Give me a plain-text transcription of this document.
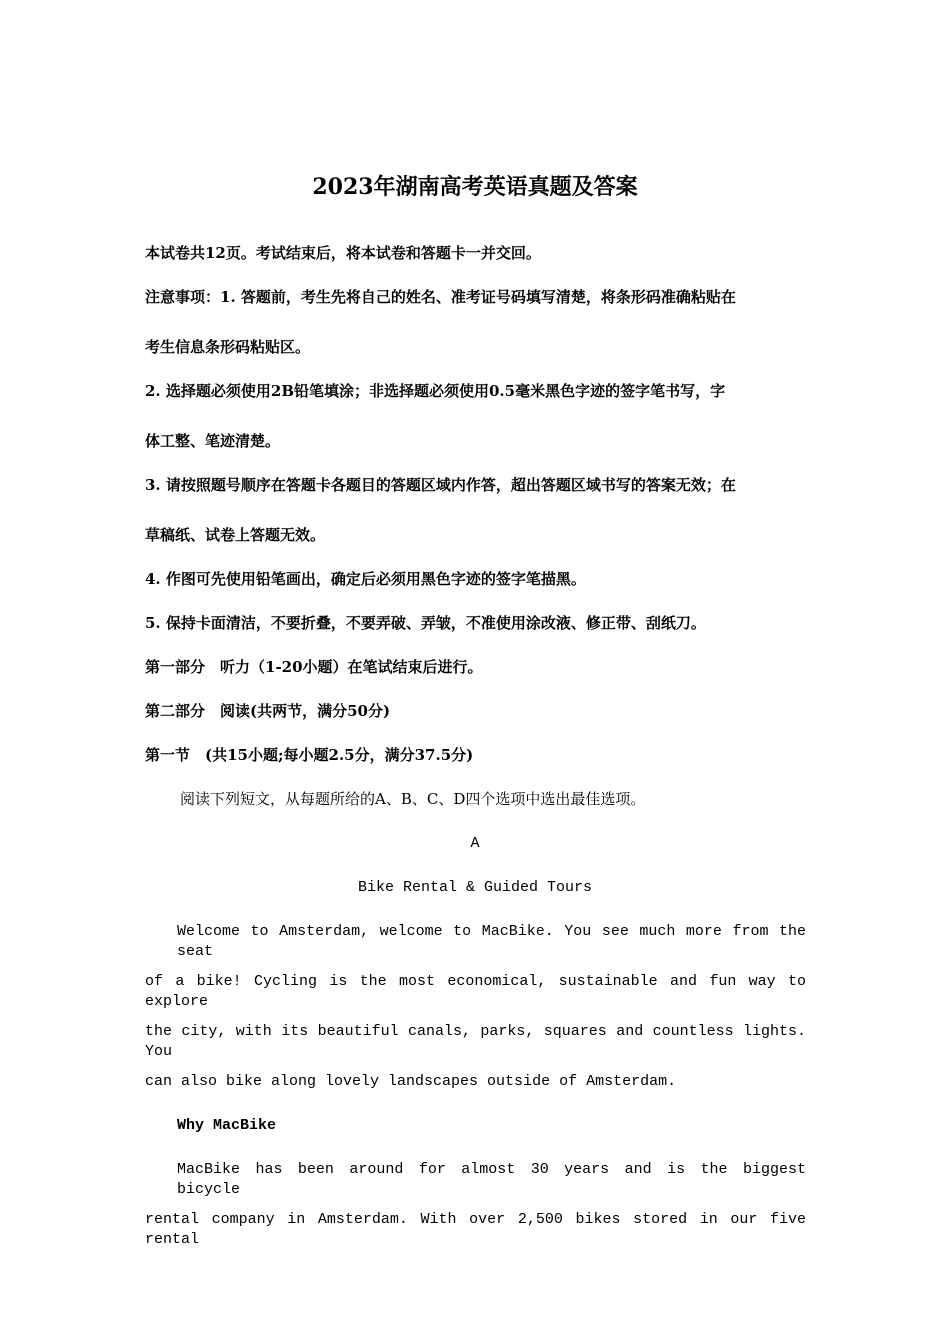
2023年湖南高考英语真题及答案
本试卷共12页。考试结束后，将本试卷和答题卡一并交回。
注意事项：1. 答题前，考生先将自己的姓名、准考证号码填写清楚，将条形码准确粘贴在
考生信息条形码粘贴区。
2. 选择题必须使用2B铅笔填涂；非选择题必须使用0.5毫米黑色字迹的签字笔书写，字
体工整、笔迹清楚。
3. 请按照题号顺序在答题卡各题目的答题区域内作答，超出答题区域书写的答案无效；在
草稿纸、试卷上答题无效。
4. 作图可先使用铅笔画出，确定后必须用黑色字迹的签字笔描黑。
5. 保持卡面清洁，不要折叠，不要弄破、弄皱，不准使用涂改液、修正带、刮纸刀。
第一部分　听力（1-20小题）在笔试结束后进行。
第二部分　阅读(共两节，满分50分)
第一节　(共15小题;每小题2.5分，满分37.5分)
阅读下列短文，从每题所给的A、B、C、D四个选项中选出最佳选项。
A
Bike Rental & Guided Tours
Welcome to Amsterdam, welcome to MacBike. You see much more from the seat
of a bike! Cycling is the most economical, sustainable and fun way to explore
the city, with its beautiful canals, parks, squares and countless lights. You
can also bike along lovely landscapes outside of Amsterdam.
Why MacBike
MacBike has been around for almost 30 years and is the biggest bicycle
rental company in Amsterdam. With over 2,500 bikes stored in our five rental
